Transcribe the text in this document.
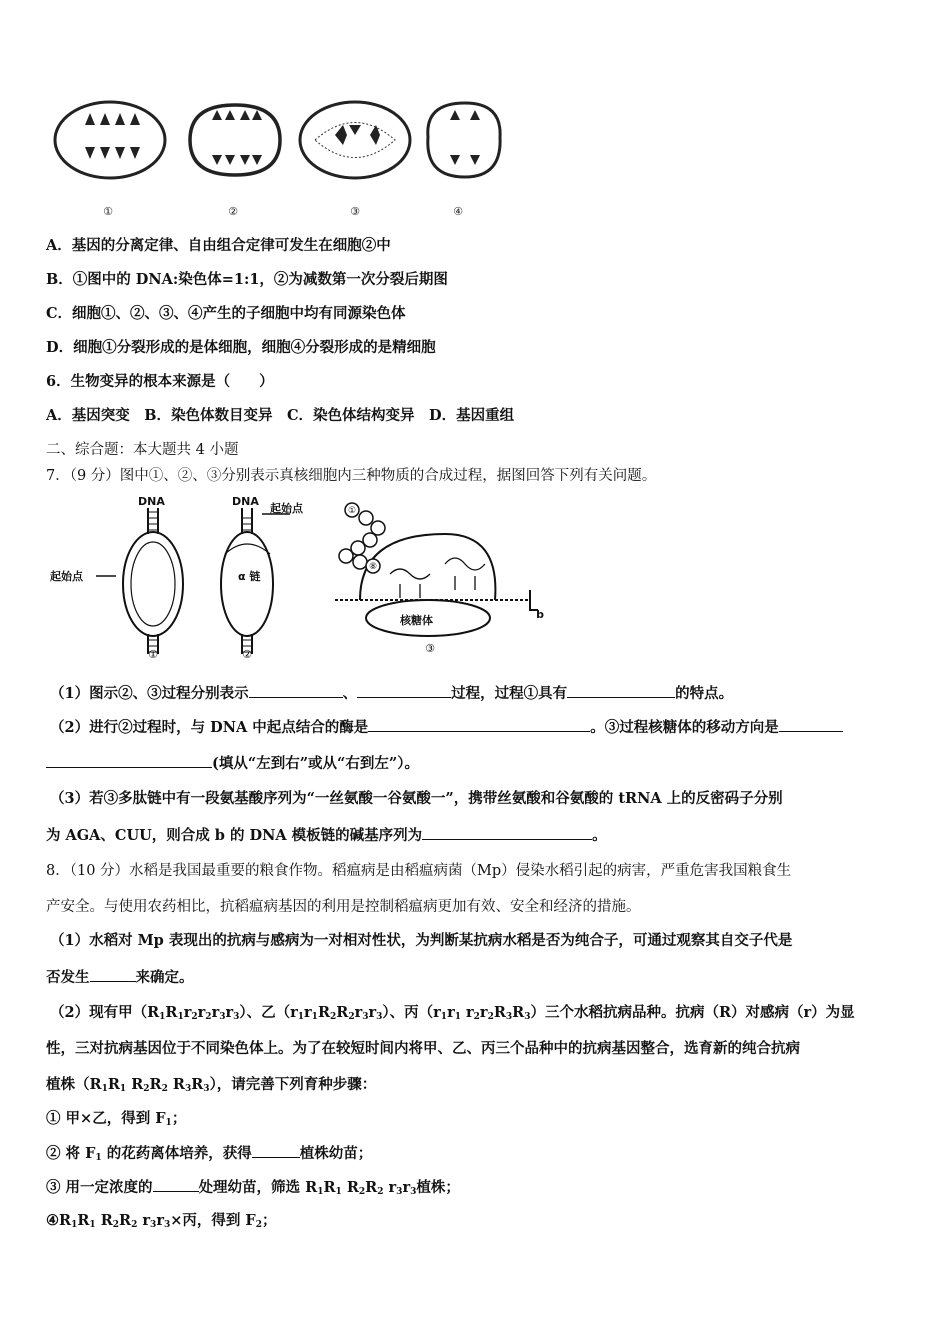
①	②	③	④
A．基因的分离定律、自由组合定律可发生在细胞②中
B．①图中的 DNA:染色体=1:1，②为减数第一次分裂后期图
C．细胞①、②、③、④产生的子细胞中均有同源染色体
D．细胞①分裂形成的是体细胞，细胞④分裂形成的是精细胞
6．生物变异的根本来源是（　　）
A．基因突变　B．染色体数目变异　C．染色体结构变异　D．基因重组
二、综合题：本大题共 4 小题
7．（9 分）图中①、②、③分别表示真核细胞内三种物质的合成过程，据图回答下列有关问题。
DNA	DNA
起始点
起始点
α 链
核糖体
①
⑧
①	②	③
b
（1）图示②、③过程分别表示	、	过程，过程①具有	的特点。
（2）进行②过程时，与 DNA 中起点结合的酶是	。③过程核糖体的移动方向是
(填从“左到右”或从“右到左”）。
（3）若③多肽链中有一段氨基酸序列为“一丝氨酸一谷氨酸一”，携带丝氨酸和谷氨酸的 tRNA 上的反密码子分别
为 AGA、CUU，则合成 b 的 DNA 模板链的碱基序列为	。
8．（10 分）水稻是我国最重要的粮食作物。稻瘟病是由稻瘟病菌（Mp）侵染水稻引起的病害，严重危害我国粮食生
产安全。与使用农药相比，抗稻瘟病基因的利用是控制稻瘟病更加有效、安全和经济的措施。
（1）水稻对 Mp 表现出的抗病与感病为一对相对性状，为判断某抗病水稻是否为纯合子，可通过观察其自交子代是
否发生	来确定。
（2）现有甲$(R_1R_1r_2r_2r_3r_3)$、乙$(r_1r_1R_2R_2r_3r_3)$、丙（$r_1r_1$ $r_2r_2R_3R_3$）三个水稻抗病品种。抗病（R）对感病（r）为显
性，三对抗病基因位于不同染色体上。为了在较短时间内将甲、乙、丙三个品种中的抗病基因整合，选育新的纯合抗病
植株（$R_1R_1$ $R_2R_2$ $R_3R_3$），请完善下列育种步骤：
① 甲×乙，得到 $F_1$；
② 将 $F_1$ 的花药离体培养，获得	植株幼苗；
③ 用一定浓度的	处理幼苗，筛选 $R_1R_1$ $R_2R_2$ $r_3r_3$植株；
$④R_1R_1$ $R_2R_2$ $r_3r_3\times$丙，得到 $F_2$；
